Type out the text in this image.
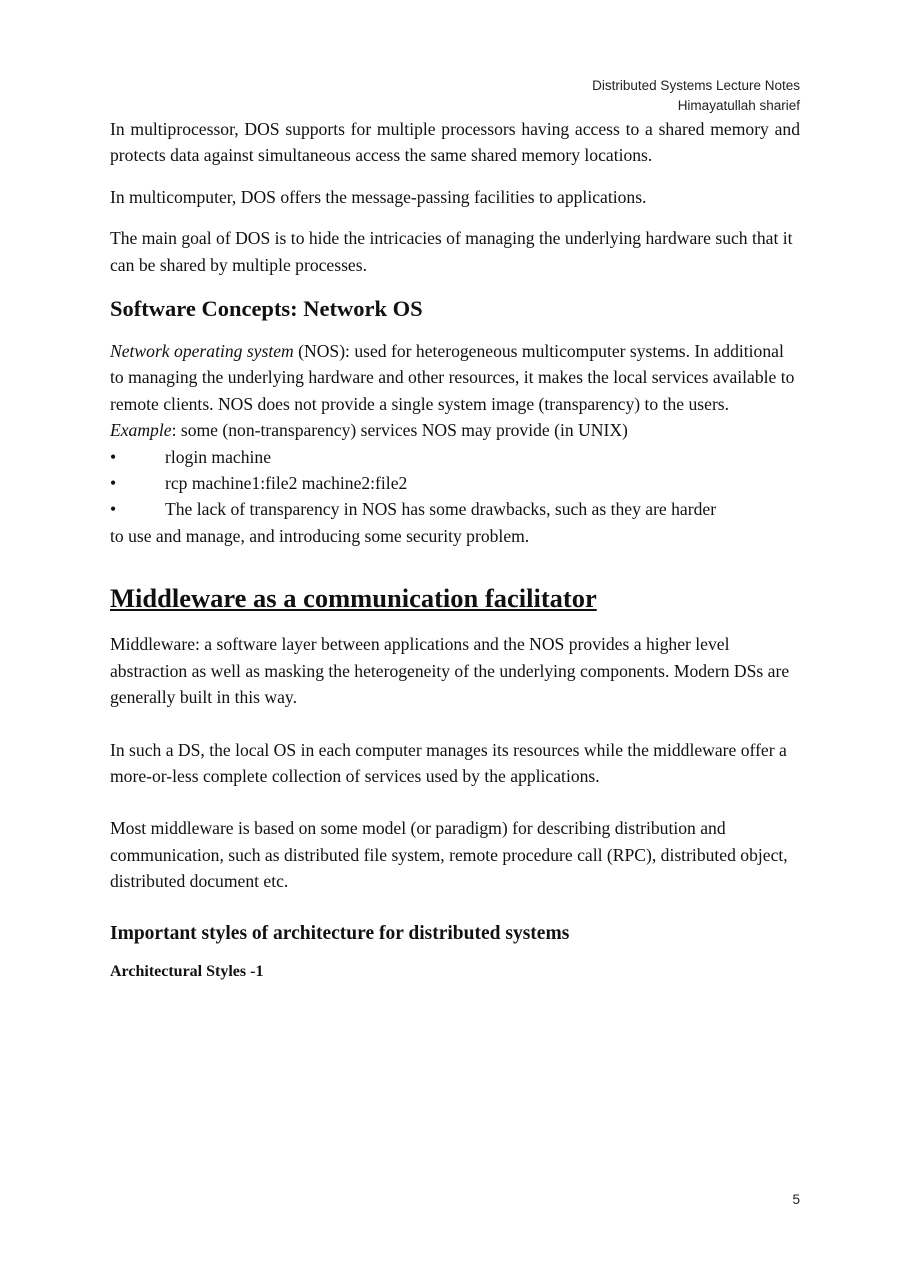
Distributed Systems Lecture Notes
Himayatullah sharief

In multiprocessor, DOS supports for multiple processors having access to a shared memory and protects data against simultaneous access the same shared memory locations.

In multicomputer, DOS offers the message-passing facilities to applications.

The main goal of DOS is to hide the intricacies of managing the underlying hardware such that it can be shared by multiple processes.

Software Concepts: Network OS

Network operating system (NOS): used for heterogeneous multicomputer systems. In additional to managing the underlying hardware and other resources, it makes the local services available to remote clients. NOS does not provide a single system image (transparency) to the users.

Example: some (non-transparency) services NOS may provide (in UNIX)

•	rlogin machine
•	rcp machine1:file2 machine2:file2
•	The lack of transparency in NOS has some drawbacks, such as they are harder

to use and manage, and introducing some security problem.

Middleware as a communication facilitator

Middleware: a software layer between applications and the NOS provides a higher level abstraction as well as masking the heterogeneity of the underlying components. Modern DSs are generally built in this way.

In such a DS, the local OS in each computer manages its resources while the middleware offer a more-or-less complete collection of services used by the applications.

Most middleware is based on some model (or paradigm) for describing distribution and communication, such as distributed file system, remote procedure call (RPC), distributed object, distributed document etc.

Important styles of architecture for distributed systems
Architectural Styles -1
5
